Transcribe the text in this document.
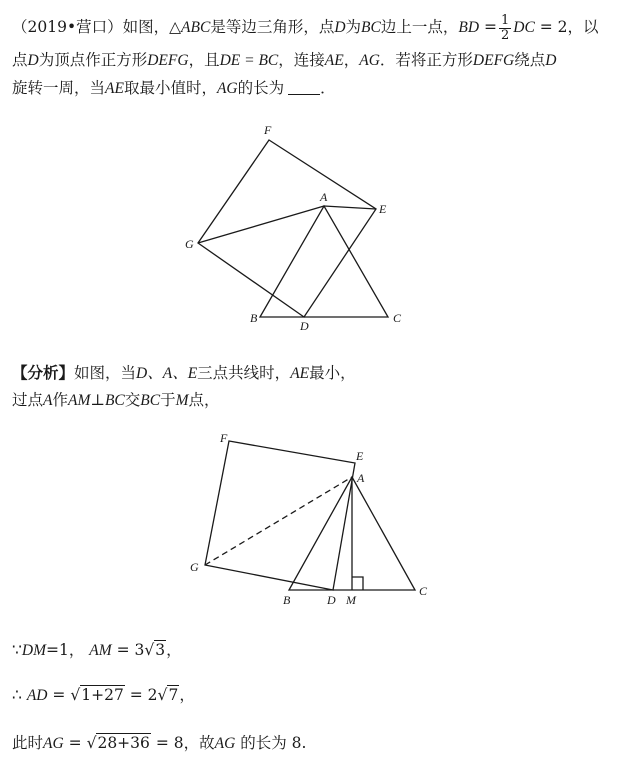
（2019•营口）如图，△ABC是等边三角形，点D为BC边上一点，BD = $\frac{1}{2}$ DC = 2，以
点D为顶点作正方形DEFG，且DE = BC，连接AE，AG．若将正方形DEFG绕点D
旋转一周，当AE取最小值时，AG的长为 ．
F
A
E
G
B
D
C
【分析】如图，当D、A、E三点共线时，AE最小，
过点A作AM⊥BC交BC于M点，
F
E
A
G
B	D M
C
∵DM=1， AM = 3√3，
∴ AD = √1+27 = 2√7，
此时AG = √28+36 = 8，故AG 的长为 8.
